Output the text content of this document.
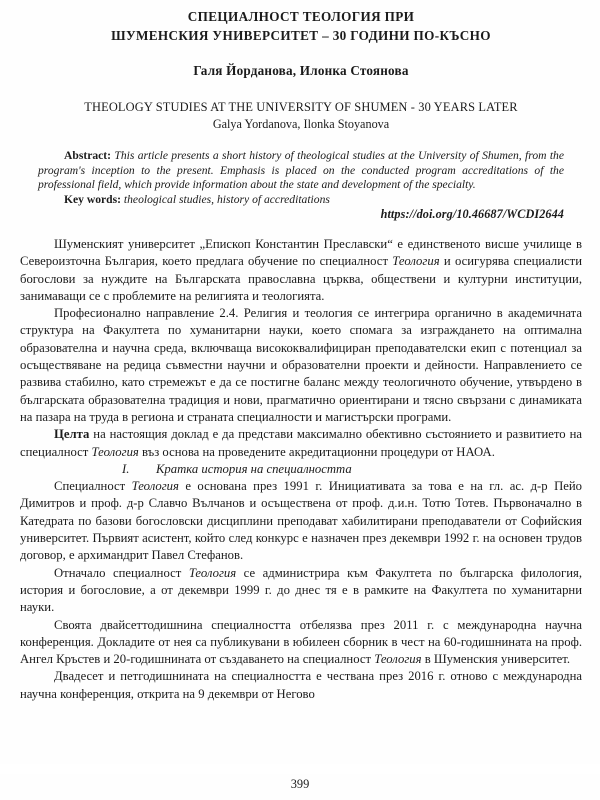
СПЕЦИАЛНОСТ ТЕОЛОГИЯ ПРИ
ШУМЕНСКИЯ УНИВЕРСИТЕТ – 30 ГОДИНИ ПО-КЪСНО
Галя Йорданова, Илонка Стоянова
THEOLOGY STUDIES AT THE UNIVERSITY OF SHUMEN - 30 YEARS LATER
Galya Yordanova, Ilonka Stoyanova

Abstract: This article presents a short history of theological studies at the University of Shumen, from the program's inception to the present. Emphasis is placed on the conducted program accreditations of the professional field, which provide information about the state and development of the specialty.

Key words: theological studies, history of accreditations

https://doi.org/10.46687/WCDI2644

Шуменският университет „Епископ Константин Преславски“ е единственото висше училище в Североизточна България, което предлага обучение по специалност Теология и осигурява специалисти богослови за нуждите на Българската православна църква, обществени и културни институции, занимаващи се с проблемите на религията и теологията.

Професионално направление 2.4. Религия и теология се интегрира органично в академичната структура на Факултета по хуманитарни науки, което спомага за изграждането на оптимална образователна и научна среда, включваща висококвалифициран преподавателски екип с потенциал за осъществяване на редица съвместни научни и образователни проекти и дейности. Направлението се развива стабилно, като стремежът е да се постигне баланс между теологичното обучение, утвърдено в българската образователна традиция и нови, прагматично ориентирани и тясно свързани с динамиката на пазара на труда в региона и страната специалности и магистърски програми.

Целта на настоящия доклад е да представи максимално обективно състоянието и развитието на специалност Теология въз основа на проведените акредитационни процедури от НАОА.

I. Кратка история на специалността

Специалност Теология е основана през 1991 г. Инициативата за това е на гл. ас. д-р Пейо Димитров и проф. д-р Славчо Вълчанов и осъществена от проф. д.и.н. Тотю Тотев. Първоначално в Катедрата по базови богословски дисциплини преподават хабилитирани преподаватели от Софийския университет. Първият асистент, който след конкурс е назначен през декември 1992 г. на основен трудов договор, е архимандрит Павел Стефанов.

Отначало специалност Теология се администрира към Факултета по българска филология, история и богословие, а от декември 1999 г. до днес тя е в рамките на Факултета по хуманитарни науки.

Своята двайсеттодишнина специалността отбелязва през 2011 г. с международна научна конференция. Докладите от нея са публикувани в юбилеен сборник в чест на 60-годишнината на проф. Ангел Кръстев и 20-годишнината от създаването на специалност Теология в Шуменския университет.

Двадесет и петгодишнината на специалността е честванa през 2016 г. отново с международна научна конференция, открита на 9 декември от Негово

399
